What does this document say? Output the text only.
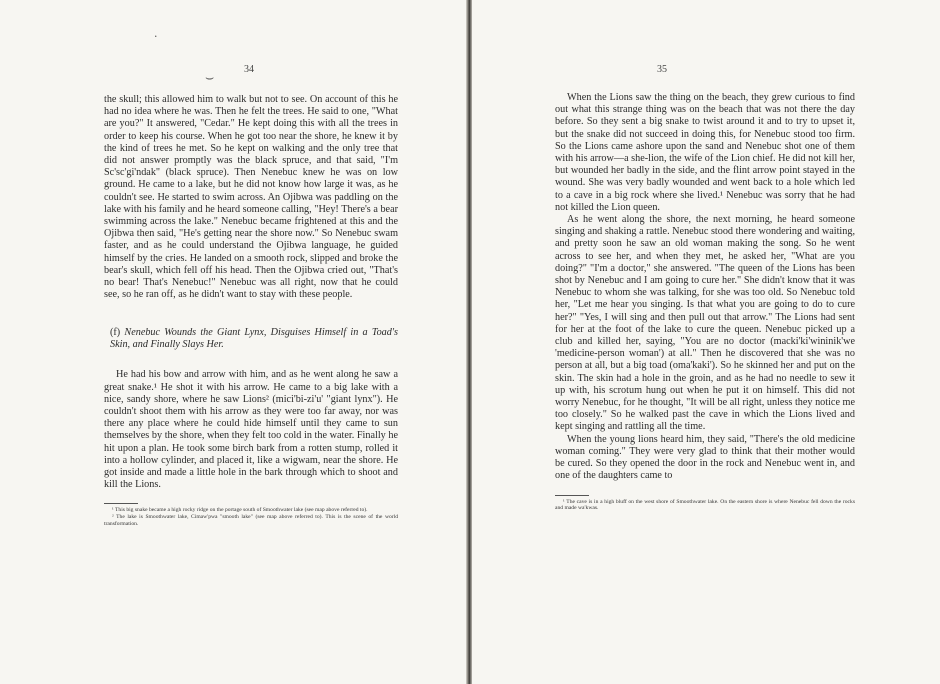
·
⌣
34

the skull; this allowed him to walk but not to see. On account of this he had no idea where he was. Then he felt the trees. He said to one, "What are you?" It answered, "Cedar." He kept doing this with all the trees in order to keep his course. When he got too near the shore, he knew it by the kind of trees he met. So he kept on walking and the only tree that did not answer promptly was the black spruce, and that said, "I'm Sc'sc'gi'ndak" (black spruce). Then Nenebuc knew he was on low ground. He came to a lake, but he did not know how large it was, as he couldn't see. He started to swim across. An Ojibwa was paddling on the lake with his family and he heard someone calling, "Hey! There's a bear swimming across the lake." Nenebuc became frightened at this and the Ojibwa then said, "He's getting near the shore now." So Nenebuc swam faster, and as he could understand the Ojibwa language, he guided himself by the cries. He landed on a smooth rock, slipped and broke the bear's skull, which fell off his head. Then the Ojibwa cried out, "That's no bear! That's Nenebuc!" Nenebuc was all right, now that he could see, so he ran off, as he didn't want to stay with these people.

(f) Nenebuc Wounds the Giant Lynx, Disguises Himself in a Toad's Skin, and Finally Slays Her.

He had his bow and arrow with him, and as he went along he saw a great snake.¹ He shot it with his arrow. He came to a big lake with a nice, sandy shore, where he saw Lions² (mici'bi-zi'u' "giant lynx"). He couldn't shoot them with his arrow as they were too far away, nor was there any place where he could hide himself until they came to sun themselves by the shore, when they felt too cold in the water. Finally he hit upon a plan. He took some birch bark from a rotten stump, rolled it into a hollow cylinder, and placed it, like a wigwam, near the shore. He got inside and made a little hole in the bark through which to shoot and kill the Lions.

¹ This big snake became a high rocky ridge on the portage south of Smoothwater lake (see map above referred to).
² The lake is Smoothwater lake, Cimaw'pwa "smooth lake" (see map above referred to). This is the scene of the world transformation.
35

When the Lions saw the thing on the beach, they grew curious to find out what this strange thing was on the beach that was not there the day before. So they sent a big snake to twist around it and to try to upset it, but the snake did not succeed in doing this, for Nenebuc stood too firm. So the Lions came ashore upon the sand and Nenebuc shot one of them with his arrow—a she-lion, the wife of the Lion chief. He did not kill her, but wounded her badly in the side, and the flint arrow point stayed in the wound. She was very badly wounded and went back to a hole which led to a cave in a big rock where she lived.¹ Nenebuc was sorry that he had not killed the Lion queen.

As he went along the shore, the next morning, he heard someone singing and shaking a rattle. Nenebuc stood there wondering and waiting, and pretty soon he saw an old woman making the song. So he went across to see her, and when they met, he asked her, "What are you doing?" "I'm a doctor," she answered. "The queen of the Lions has been shot by Nenebuc and I am going to cure her." She didn't know that it was Nenebuc to whom she was talking, for she was too old. So Nenebuc told her, "Let me hear you singing. Is that what you are going to do to cure her?" "Yes, I will sing and then pull out that arrow." The Lions had sent for her at the foot of the lake to cure the queen. Nenebuc picked up a club and killed her, saying, "You are no doctor (macki'ki'wininik'we 'medicine-person woman') at all." Then he discovered that she was no person at all, but a big toad (oma'kaki'). So he skinned her and put on the skin. The skin had a hole in the groin, and as he had no needle to sew it up with, his scrotum hung out when he put it on himself. This did not worry Nenebuc, for he thought, "It will be all right, unless they notice me too closely." So he walked past the cave in which the Lions lived and kept singing and rattling all the time.

When the young lions heard him, they said, "There's the old medicine woman coming." They were very glad to think that their mother would be cured. So they opened the door in the rock and Nenebuc went in, and one of the daughters came to

¹ The cave is in a high bluff on the west shore of Smoothwater lake. On the eastern shore is where Nenebuc fell down the rocks and made wa'kwas.
